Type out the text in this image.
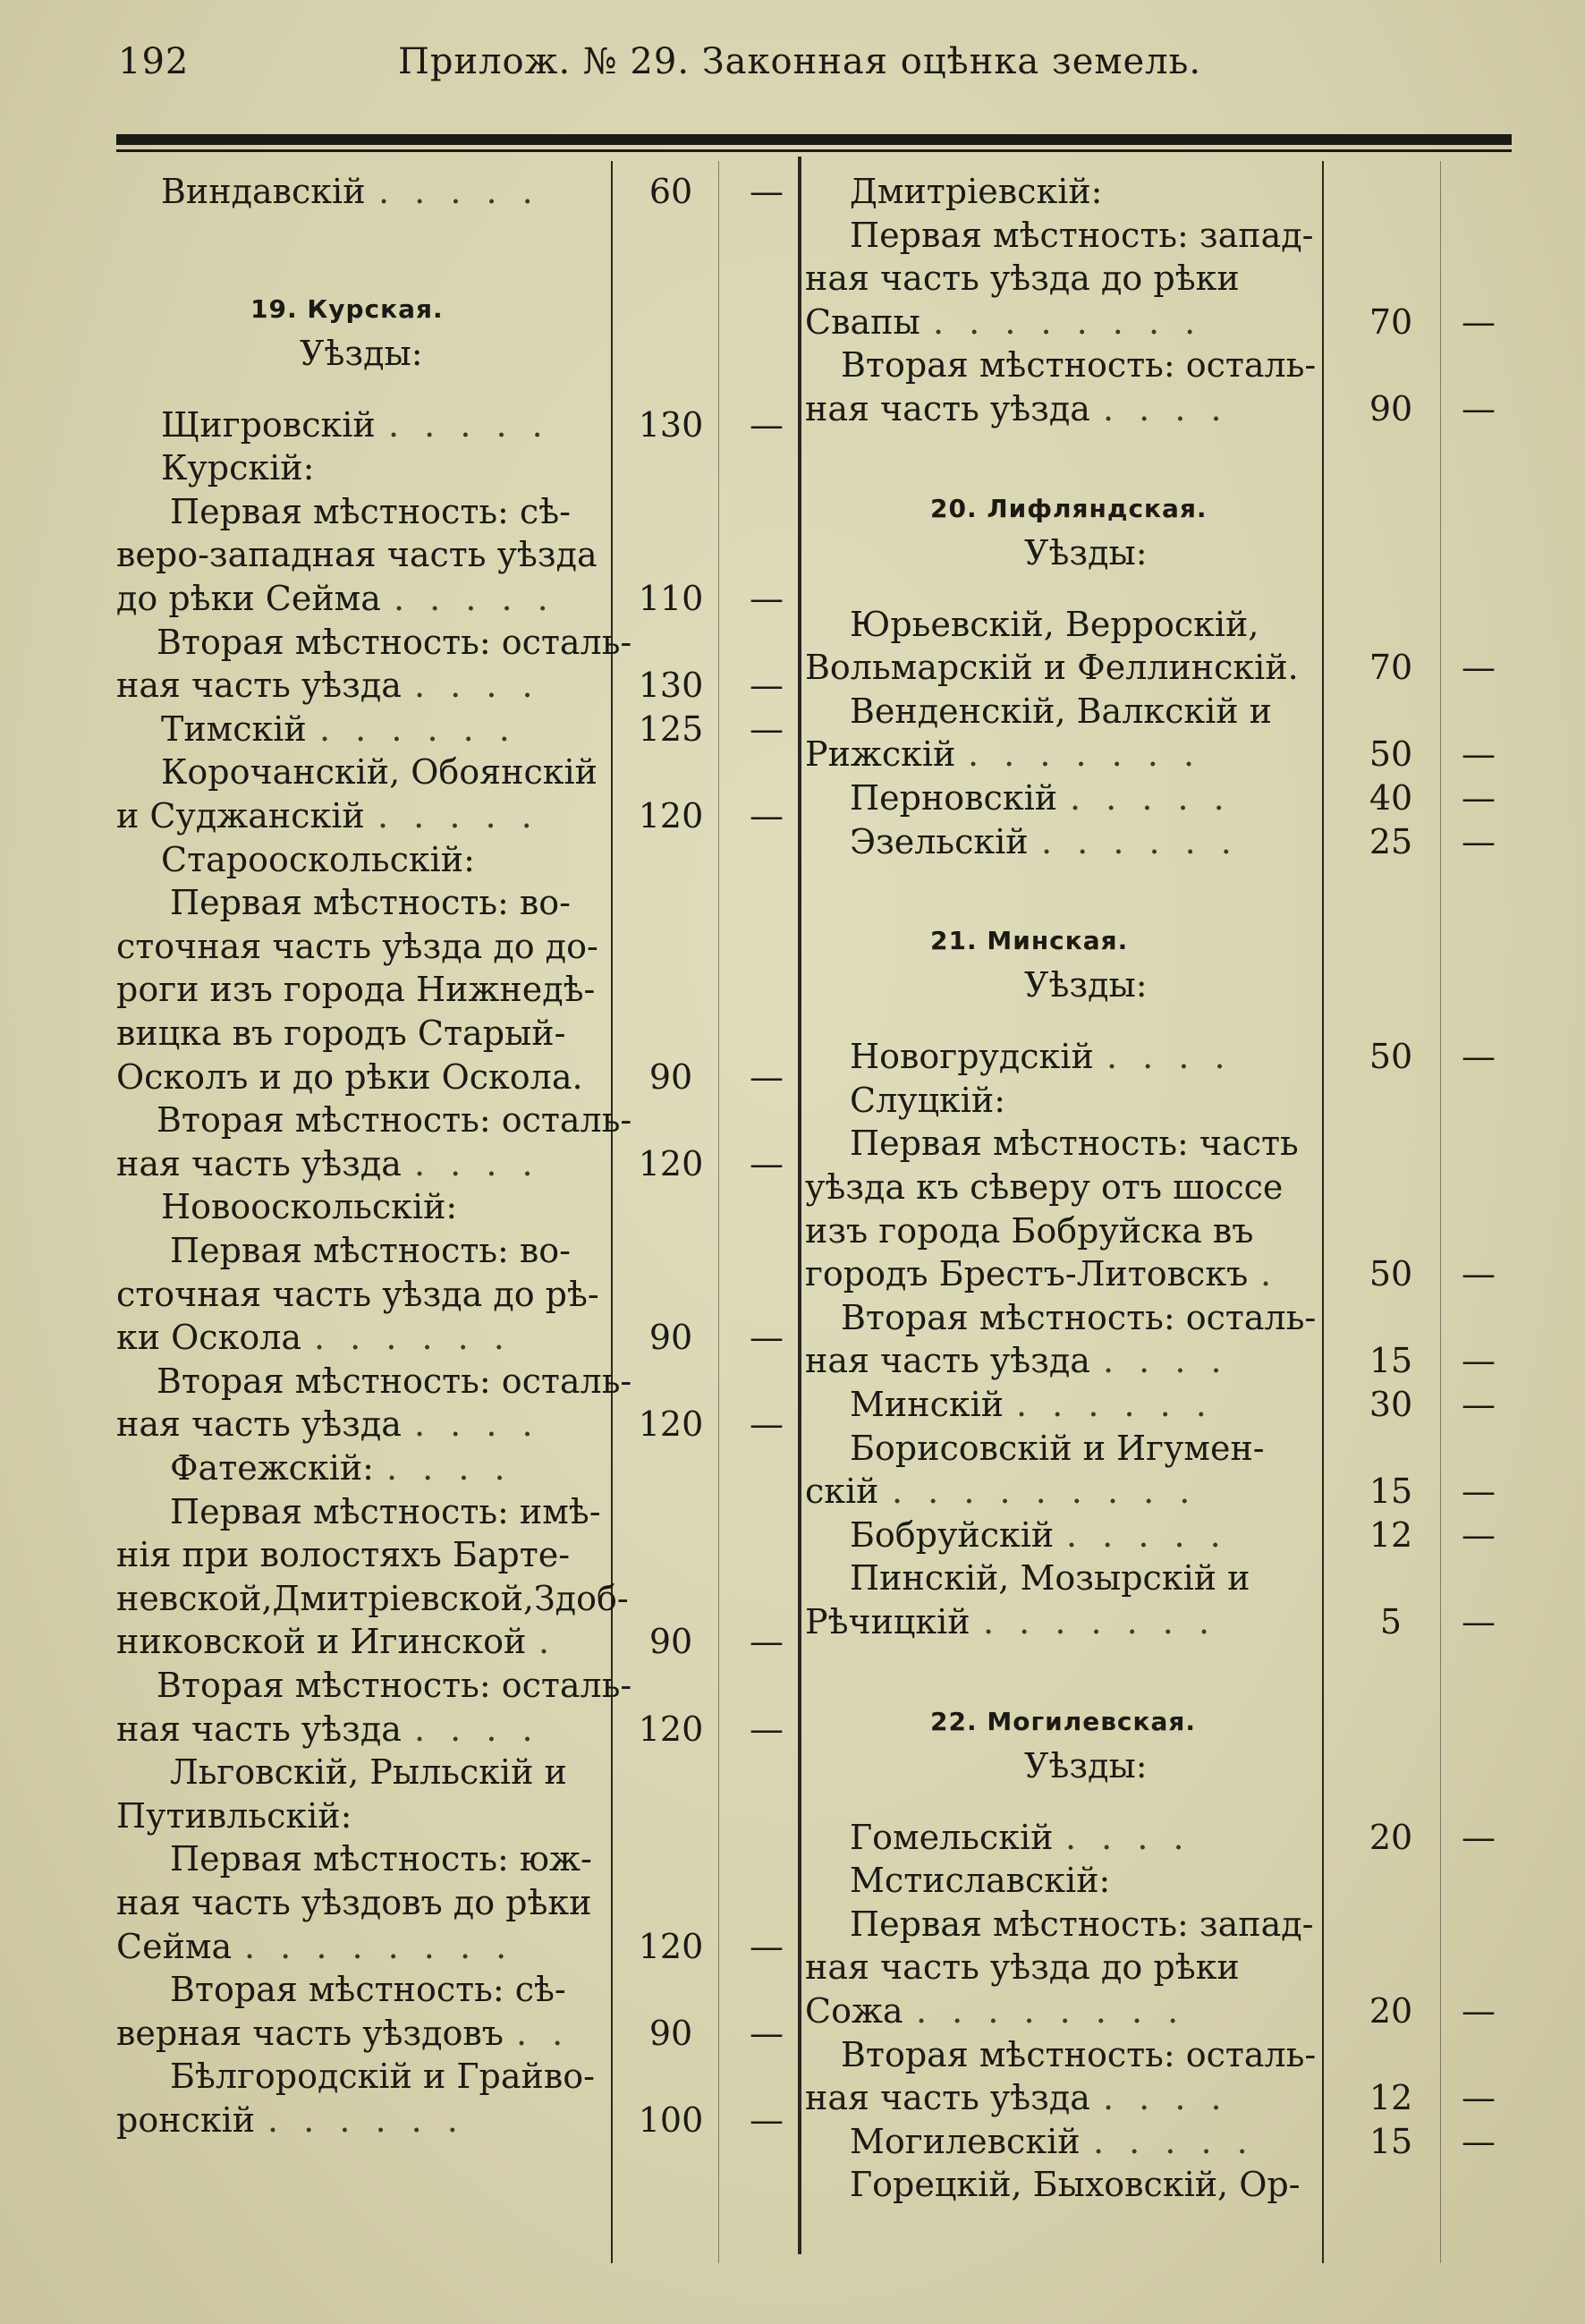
192	Прилож. № 29. Законная оцѣнка земель.
Виндавскій . . . . .	60	—
19. Курская.
Уѣзды:
Щигровскій . . . . .	130	—
Курскій:
Первая мѣстность: сѣ-
веро-западная часть уѣзда
до рѣки Сейма . . . . .	110	—
Вторая мѣстность: осталь-
ная часть уѣзда . . . .	130	—
Тимскій . . . . . .	125	—
Корочанскій, Обоянскій
и Суджанскій . . . . .	120	—
Старооскольскій:
Первая мѣстность: во-
сточная часть уѣзда до до-
роги изъ города Нижнедѣ-
вицка въ городъ Старый-
Осколъ и до рѣки Оскола.	90	—
Вторая мѣстность: осталь-
ная часть уѣзда . . . .	120	—
Новооскольскій:
Первая мѣстность: во-
сточная часть уѣзда до рѣ-
ки Оскола . . . . . .	90	—
Вторая мѣстность: осталь-
ная часть уѣзда . . . .	120	—
Фатежскій: . . . .
Первая мѣстность: имѣ-
нія при волостяхъ Барте-
невской,Дмитріевской,Здоб-
никовской и Игинской .	90	—
Вторая мѣстность: осталь-
ная часть уѣзда . . . .	120	—
Льговскій, Рыльскій и
Путивльскій:
Первая мѣстность: юж-
ная часть уѣздовъ до рѣки
Сейма . . . . . . . .	120	—
Вторая мѣстность: сѣ-
верная часть уѣздовъ . .	90	—
Бѣлгородскій и Грайво-
ронскій . . . . . .	100	—
Дмитріевскій:
Первая мѣстность: запад-
ная часть уѣзда до рѣки
Свапы . . . . . . . .	70	—
Вторая мѣстность: осталь-
ная часть уѣзда . . . .	90	—
20. Лифляндская.
Уѣзды:
Юрьевскій, Верроскій,
Вольмарскій и Феллинскій.	70	—
Венденскій, Валкскій и
Рижскій . . . . . . .	50	—
Перновскій . . . . .	40	—
Эзельскій . . . . . .	25	—
21. Минская.
Уѣзды:
Новогрудскій . . . .	50	—
Слуцкій:
Первая мѣстность: часть
уѣзда къ сѣверу отъ шоссе
изъ города Бобруйска въ
городъ Брестъ-Литовскъ .	50	—
Вторая мѣстность: осталь-
ная часть уѣзда . . . .	15	—
Минскій . . . . . .	30	—
Борисовскій и Игумен-
скій . . . . . . . . .	15	—
Бобруйскій . . . . .	12	—
Пинскій, Мозырскій и
Рѣчицкій . . . . . . .	5	—
22. Могилевская.
Уѣзды:
Гомельскій . . . .	20	—
Мстиславскій:
Первая мѣстность: запад-
ная часть уѣзда до рѣки
Сожа . . . . . . . .	20	—
Вторая мѣстность: осталь-
ная часть уѣзда . . . .	12	—
Могилевскій . . . . .	15	—
Горецкій, Быховскій, Ор-
